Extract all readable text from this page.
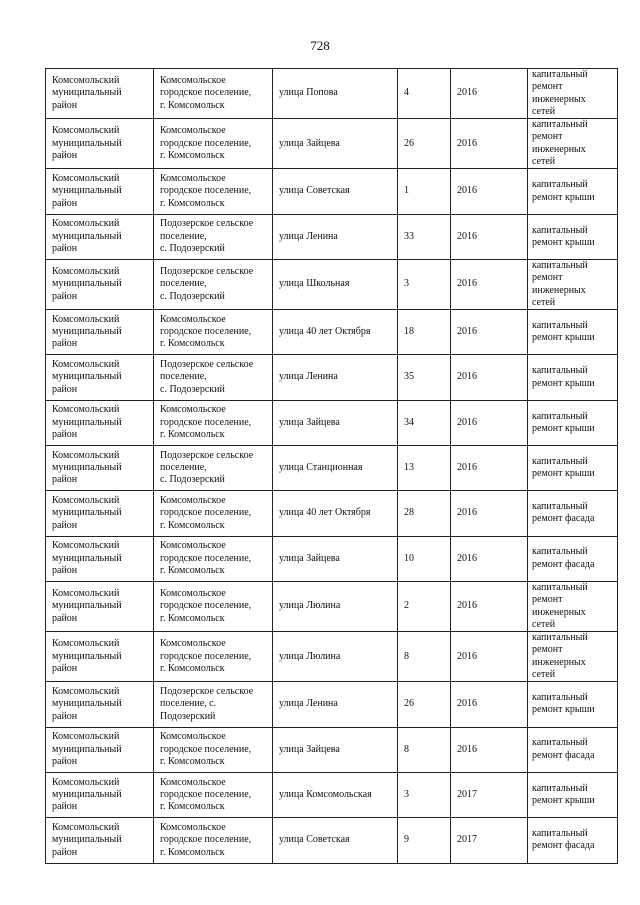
728
Комсомольский
муниципальный
район	Комсомольское
городское поселение,
г. Комсомольск	улица Попова	4	2016	капитальный
ремонт
инженерных
сетей
Комсомольский
муниципальный
район	Комсомольское
городское поселение,
г. Комсомольск	улица Зайцева	26	2016	капитальный
ремонт
инженерных
сетей
Комсомольский
муниципальный
район	Комсомольское
городское поселение,
г. Комсомольск	улица Советская	1	2016	капитальный
ремонт крыши
Комсомольский
муниципальный
район	Подозерское сельское
поселение,
с. Подозерский	улица Ленина	33	2016	капитальный
ремонт крыши
Комсомольский
муниципальный
район	Подозерское сельское
поселение,
с. Подозерский	улица Школьная	3	2016	капитальный
ремонт
инженерных
сетей
Комсомольский
муниципальный
район	Комсомольское
городское поселение,
г. Комсомольск	улица 40 лет Октября	18	2016	капитальный
ремонт крыши
Комсомольский
муниципальный
район	Подозерское сельское
поселение,
с. Подозерский	улица Ленина	35	2016	капитальный
ремонт крыши
Комсомольский
муниципальный
район	Комсомольское
городское поселение,
г. Комсомольск	улица Зайцева	34	2016	капитальный
ремонт крыши
Комсомольский
муниципальный
район	Подозерское сельское
поселение,
с. Подозерский	улица Станционная	13	2016	капитальный
ремонт крыши
Комсомольский
муниципальный
район	Комсомольское
городское поселение,
г. Комсомольск	улица 40 лет Октября	28	2016	капитальный
ремонт фасада
Комсомольский
муниципальный
район	Комсомольское
городское поселение,
г. Комсомольск	улица Зайцева	10	2016	капитальный
ремонт фасада
Комсомольский
муниципальный
район	Комсомольское
городское поселение,
г. Комсомольск	улица Люлина	2	2016	капитальный
ремонт
инженерных
сетей
Комсомольский
муниципальный
район	Комсомольское
городское поселение,
г. Комсомольск	улица Люлина	8	2016	капитальный
ремонт
инженерных
сетей
Комсомольский
муниципальный
район	Подозерское сельское
поселение, с.
Подозерский	улица Ленина	26	2016	капитальный
ремонт крыши
Комсомольский
муниципальный
район	Комсомольское
городское поселение,
г. Комсомольск	улица Зайцева	8	2016	капитальный
ремонт фасада
Комсомольский
муниципальный
район	Комсомольское
городское поселение,
г. Комсомольск	улица Комсомольская	3	2017	капитальный
ремонт крыши
Комсомольский
муниципальный
район	Комсомольское
городское поселение,
г. Комсомольск	улица Советская	9	2017	капитальный
ремонт фасада
